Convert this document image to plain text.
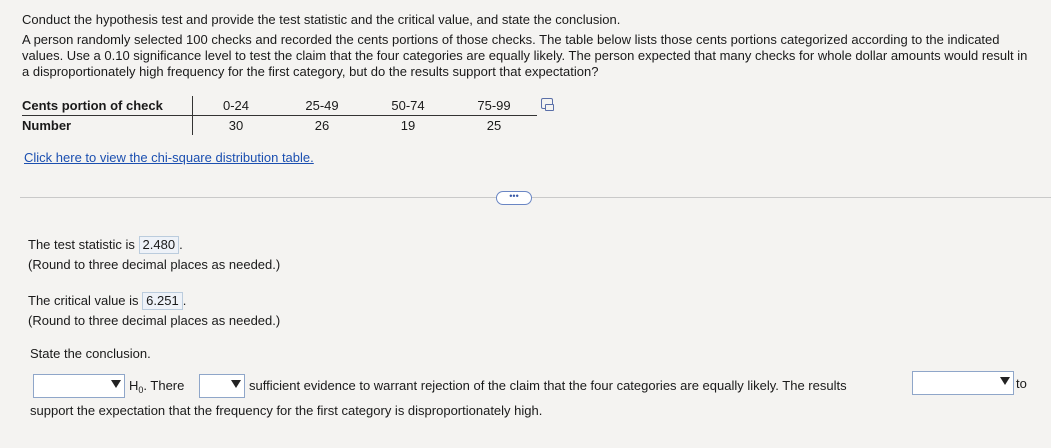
Conduct the hypothesis test and provide the test statistic and the critical value, and state the conclusion.

A person randomly selected 100 checks and recorded the cents portions of those checks. The table below lists those cents portions categorized according to the indicated values. Use a 0.10 significance level to test the claim that the four categories are equally likely. The person expected that many checks for whole dollar amounts would result in a disproportionately high frequency for the first category, but do the results support that expectation?

Cents portion of check	0-24	25-49	50-74	75-99
Number	30	26	19	25
Click here to view the chi-square distribution table.
•••
The test statistic is 2.480 .
(Round to three decimal places as needed.)
The critical value is 6.251 .
(Round to three decimal places as needed.)
State the conclusion.
$H_0$. There	sufficient evidence to warrant rejection of the claim that the four categories are equally likely. The results	to
support the expectation that the frequency for the first category is disproportionately high.
